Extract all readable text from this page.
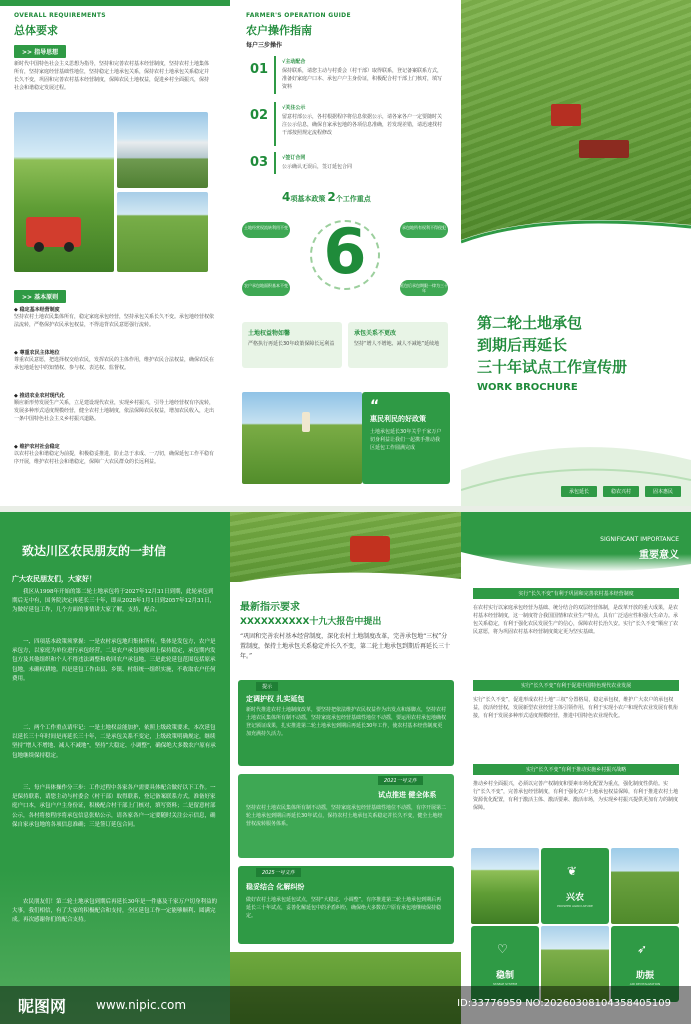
OVERALL REQUIREMENTS
总体要求
>> 指导思想
新时代中国特色社会主义思想为指导，坚持和完善农村基本经营制度，坚持农村土地集体所有，坚持家庭经营基础性地位，坚持稳定土地承包关系，保持农村土地承包关系稳定并长久不变，巩固和完善农村基本经营制度，保障农民土地权益，促进乡村全面振兴，保持社会和谐稳定发展过程。
>> 基本原则
◆ 稳定基本经营制度
坚持农村土地农民集体所有，稳定家庭承包经营，坚持承包关系长久不变。承包地经营权依法流转，严格保护农民承包权益，不得违背农民意愿强行流转。
◆ 尊重农民主体地位
尊重农民意愿，把选择权交给农民，发挥农民的主体作用，维护农民合法权益，确保农民在承包地延包中的知情权、参与权、表达权、监督权。
◆ 推进农业农村现代化
顺应新形势发展生产关系，立足建设现代农业，实现乡村振兴，引导土地经营权有序流转，发展多种形式适度规模经营，健全农村土地制度，依法保障农民权益，增加农民收入，走出一条中国特色社会主义乡村振兴道路。
◆ 维护农村社会稳定
以农村社会和谐稳定为前提，积极稳妥推进，防止急于求成、一刀切，确保延包工作平稳有序开展，维护农村社会和谐稳定，保障广大农民群众的长远利益。
FARMER'S OPERATION GUIDE
农户操作指南
每户三步操作
01	√主动配合
保持联系，请您主动与村委会（村干部）取得联系，登记备案联系方式，准备好家庭户口本、承包户户主身份证，积极配合村干部上门核对，填写资料
02	√关注公示
留意村部公示，各村根据程序将信息依据公示，请各家各户一定要随时关注公示信息，确保自家承包地的各项信息准确，若发现差错，请迅速找村干部按照规定流程修改
03	√签订合同
公示确认无误后，签订延包合同
4项基本政策 2个工作重点
6
土地经营权流转利用不变	承包地所有权利不得侵犯
农户承包地面积基本不变	延包后承包期限一律为三十年
土地权益物如馨
严格执行再延长30年政策保障长远利益
承包关系不更改
坚持“增人不增地、减人不减地”延续地
“
惠民利民的好政策
土地承包延长30年关乎千家万户切身利益让我们一起携手推动我区延包工作圆满完成
第二轮土地承包
到期后再延长
三十年试点工作宣传册
WORK BROCHURE
承包延长	稳农兴村	固本惠民
致达川区农民朋友的一封信
广大农民朋友们，大家好！

我区从1998年开始的第二轮土地承包将于2027年12月31日到期，此轮承包到期后无中有，国务院决定再延长三十年，即从2028年1月1日到2057年12月31日，为做好延包工作，几个方面的事情讲大家了解，支持，配合。

一、四项基本政策须掌握：一是农村承包地归集体所有，集体是发包方，农户是承包方，以家庭为单位进行承包经营。二是农户承包地原则上保持稳定，承包期内发包方及其他组织和个人不得违法调整和收回农户承包地。三是此轮延包范围包括原承包地，未确权耕地。四是延包工作由县、乡镇、村组统一组织实施，不收取农户任何费用。

二、两个工作重点请牢记：一是土地权益能加护，依照上级政策要求，本次延包以延长三十年时间是再延长三十年，二是承包关系不变定，上级政策明确规定，继续坚持“增人不增地、减人不减地”，坚持“大稳定、小调整”，确保绝大多数农户原有承包地继续保持稳定。

三、每户具体操作分三步：工作过程中各家各户需要具体配合做好以下工作。一是保持联系，请您主动与村委会（村干部）取得联系，登记备案联系方式，准备好家庭户口本，承包户户主身份证，积极配合村干部上门核对，填写资料；二是留意村部公示，各村将按程序将承包信息张贴公示，请各家各户一定要随时关注公示信息，确保自家承包地的各项信息准确；三是签订延包合同。

农民朋友们！第二轮土地承包到期后再延长30年是一件惠及千家万户切身利益的大事，我们相信，有了大家的积极配合和支持，全区延包工作一定能够顺利、圆满完成。再次感谢你们的配合支持。

最新指示要求
XXXXXXXXXX十九大报告中提出
“巩固和完善农村基本经营制度，深化农村土地制度改革，完善承包地“三权”分置制度，保持土地承包关系稳定并长久不变，第二轮土地承包到期后再延长三十年。”
提示
定调护权 扎实延包
新时代推进农村土地制度改革，要坚持把依法维护农民权益作为出发点和落脚点，坚持农村土地农民集体所有制不动摇，坚持家庭承包经营基础性地位不动摇，要运用农村承包地确权登记颁证成果，扎实推进第二轮土地承包到期后再延长30年工作，使农村基本经营制度更加充满持久活力。
2021一号文件
试点推进 健全体系
坚持农村土地农民集体所有制不动摇，坚持家庭承包经营基础性地位不动摇，有序开展第二轮土地承包到期后再延长30年试点，保持农村土地承包关系稳定并长久不变，健全土地经营权流转服务体系。
2025一号文件
稳妥结合 化解纠纷
做好农村土地承包延包试点，坚持“大稳定、小调整”，有序推进第二轮土地承包到期后再延长三十年试点，妥善化解延包中的矛盾纠纷，确保绝大多数农户原有承包地继续保持稳定。
SIGNIFICANT IMPORTANCE
重要意义
实行“长久不变”有利于巩固和完善农村基本经营制度
在农村实行以家庭承包经营为基础、统分结合的双层经营体制，是改革开放的重大成果，是农村基本经营制度，这一制度符合我国国情和农业生产特点，具有广泛适应性和强大生命力。承包关系稳定，有利于强化农民发展生产的信心，保障农村长治久安。实行“长久不变”顺应了农民意愿，将为巩固农村基本经营制度奠定更为坚实基础。
实行“长久不变”有利于促进中国特色现代农业发展
实行“长久不变”，促进形成农村土地“三权”分置格局，稳定承包权，维护广大农户的承包权益，放活经营权，发展新型农业经营主体引领作用，有利于实现小农户和现代农业发展有机衔接，有利于发展多种形式适度规模经营，推进中国特色农业现代化。
实行“长久不变”有利于推动实施乡村振兴战略
推动乡村全面振兴，必须以完善产权制度和要素市场化配置为重点，强化制度性供给。实行“长久不变”，完善承包经营制度，有利于强化农户土地承包权益保障，有利于推进农村土地资源优化配置，有利于激活主体、激活要素、激活市场，为实现乡村振兴提供更加有力的制度保障。
❦
兴农
PROSPER AGRICULTURE
♡
稳制
STABLE SYSTEM
➶
助振
AID REVITALIZATION
昵图网 www.nipic.com	ID:33776959 NO:20260308104358405109
